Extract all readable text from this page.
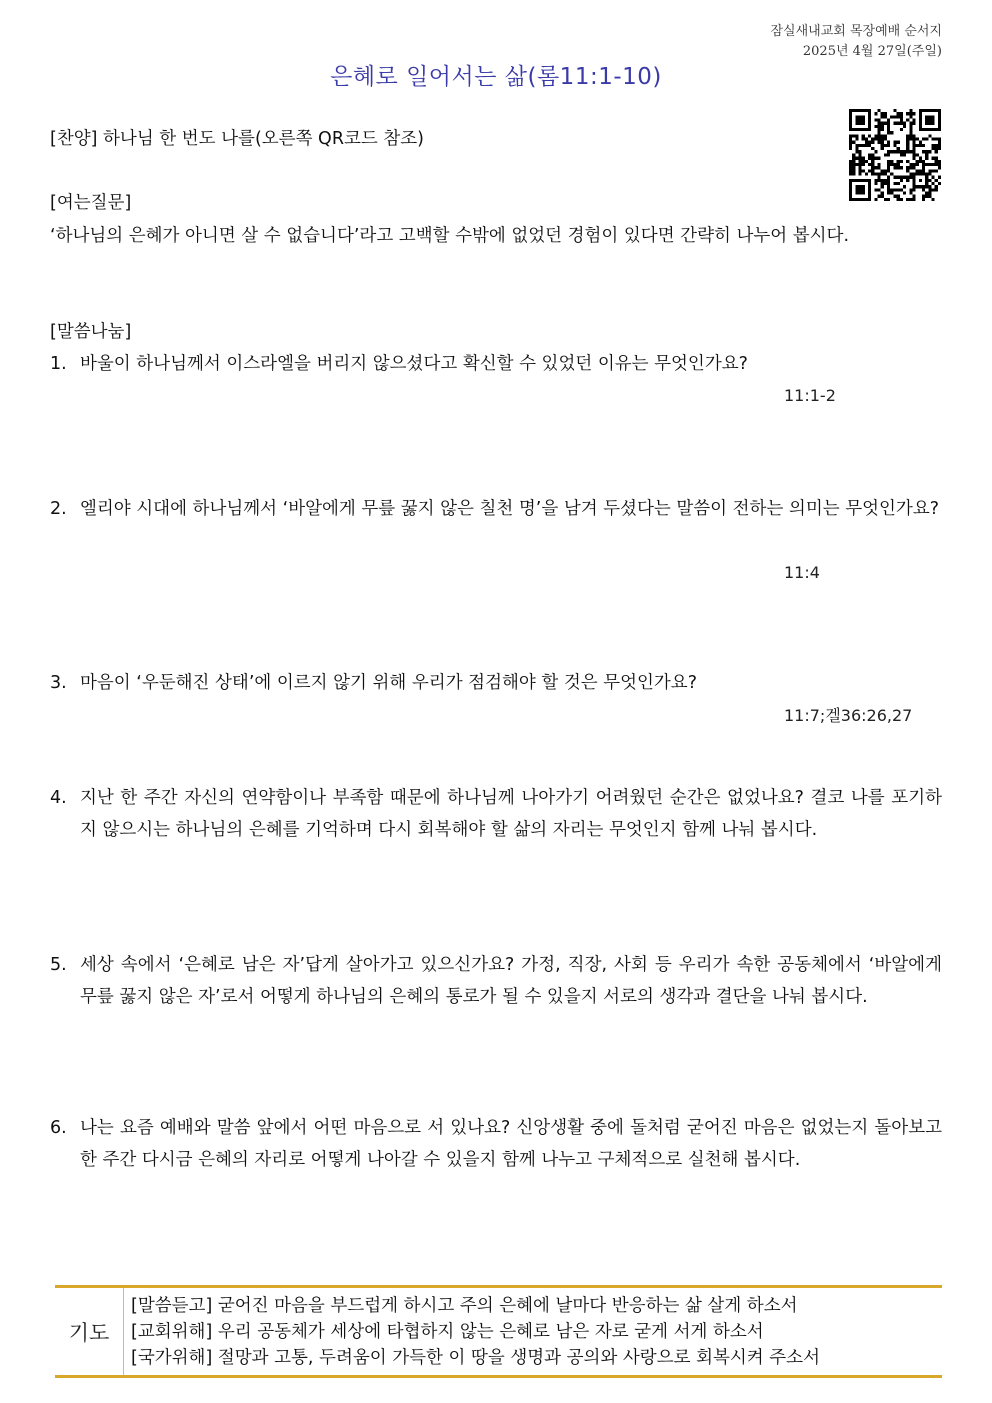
잠실새내교회 목장예배 순서지
2025년 4월 27일(주일)
은혜로 일어서는 삶(롬11:1-10)
[찬양] 하나님 한 번도 나를(오른쪽 QR코드 참조)
[여는질문]
‘하나님의 은혜가 아니면 살 수 없습니다’라고 고백할 수밖에 없었던 경험이 있다면 간략히 나누어 봅시다.
[말씀나눔]
1. 바울이 하나님께서 이스라엘을 버리지 않으셨다고 확신할 수 있었던 이유는 무엇인가요?
11:1-2
2. 엘리야 시대에 하나님께서 ‘바알에게 무릎 꿇지 않은 칠천 명’을 남겨 두셨다는 말씀이 전하는 의미는 무엇인가요?
11:4
3. 마음이 ‘우둔해진 상태’에 이르지 않기 위해 우리가 점검해야 할 것은 무엇인가요?
11:7;겔36:26,27
4. 지난 한 주간 자신의 연약함이나 부족함 때문에 하나님께 나아가기 어려웠던 순간은 없었나요? 결코 나를 포기하지 않으시는 하나님의 은혜를 기억하며 다시 회복해야 할 삶의 자리는 무엇인지 함께 나눠 봅시다.
5. 세상 속에서 ‘은혜로 남은 자’답게 살아가고 있으신가요? 가정, 직장, 사회 등 우리가 속한 공동체에서 ‘바알에게 무릎 꿇지 않은 자’로서 어떻게 하나님의 은혜의 통로가 될 수 있을지 서로의 생각과 결단을 나눠 봅시다.
6. 나는 요즘 예배와 말씀 앞에서 어떤 마음으로 서 있나요? 신앙생활 중에 돌처럼 굳어진 마음은 없었는지 돌아보고 한 주간 다시금 은혜의 자리로 어떻게 나아갈 수 있을지 함께 나누고 구체적으로 실천해 봅시다.
기도
[말씀듣고] 굳어진 마음을 부드럽게 하시고 주의 은혜에 날마다 반응하는 삶 살게 하소서
[교회위해] 우리 공동체가 세상에 타협하지 않는 은혜로 남은 자로 굳게 서게 하소서
[국가위해] 절망과 고통, 두려움이 가득한 이 땅을 생명과 공의와 사랑으로 회복시켜 주소서
